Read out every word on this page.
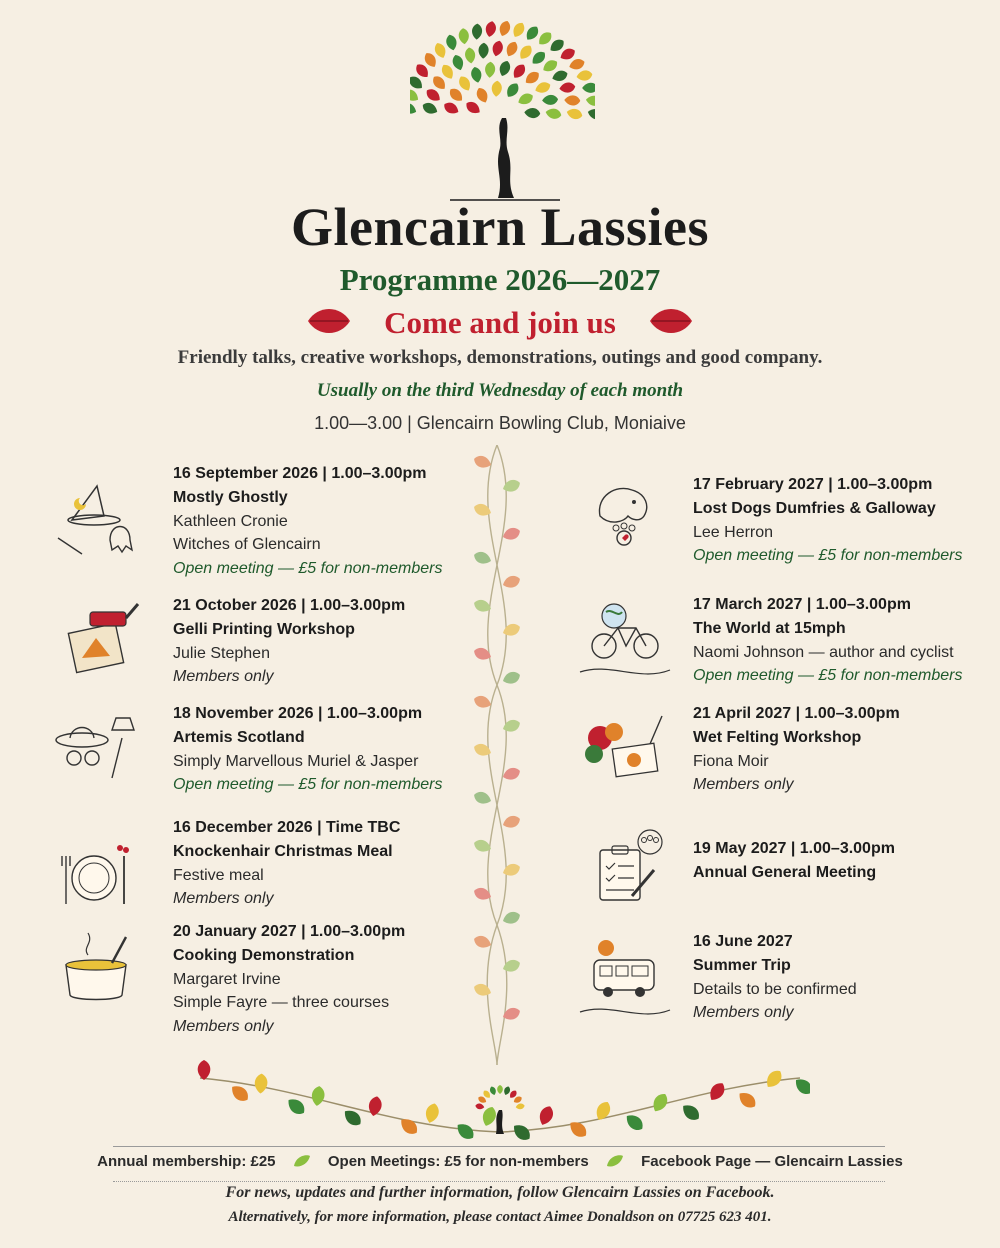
Glencairn Lassies
Programme 2026—2027
Come and join us
Friendly talks, creative workshops, demonstrations, outings and good company.
Usually on the third Wednesday of each month
1.00—3.00 | Glencairn Bowling Club, Moniaive
16 September 2026 | 1.00–3.00pm
Mostly Ghostly
Kathleen Cronie
Witches of Glencairn
Open meeting — £5 for non-members
21 October 2026 | 1.00–3.00pm
Gelli Printing Workshop
Julie Stephen
Members only
18 November 2026 | 1.00–3.00pm
Artemis Scotland
Simply Marvellous Muriel & Jasper
Open meeting — £5 for non-members
16 December 2026 | Time TBC
Knockenhair Christmas Meal
Festive meal
Members only
20 January 2027 | 1.00–3.00pm
Cooking Demonstration
Margaret Irvine
Simple Fayre — three courses
Members only
17 February 2027 | 1.00–3.00pm
Lost Dogs Dumfries & Galloway
Lee Herron
Open meeting — £5 for non-members
17 March 2027 | 1.00–3.00pm
The World at 15mph
Naomi Johnson — author and cyclist
Open meeting — £5 for non-members
21 April 2027 | 1.00–3.00pm
Wet Felting Workshop
Fiona Moir
Members only
19 May 2027 | 1.00–3.00pm
Annual General Meeting
16 June 2027
Summer Trip
Details to be confirmed
Members only
Annual membership: £25	Open Meetings: £5 for non-members	Facebook Page — Glencairn Lassies
For news, updates and further information, follow Glencairn Lassies on Facebook.
Alternatively, for more information, please contact Aimee Donaldson on 07725 623 401.
